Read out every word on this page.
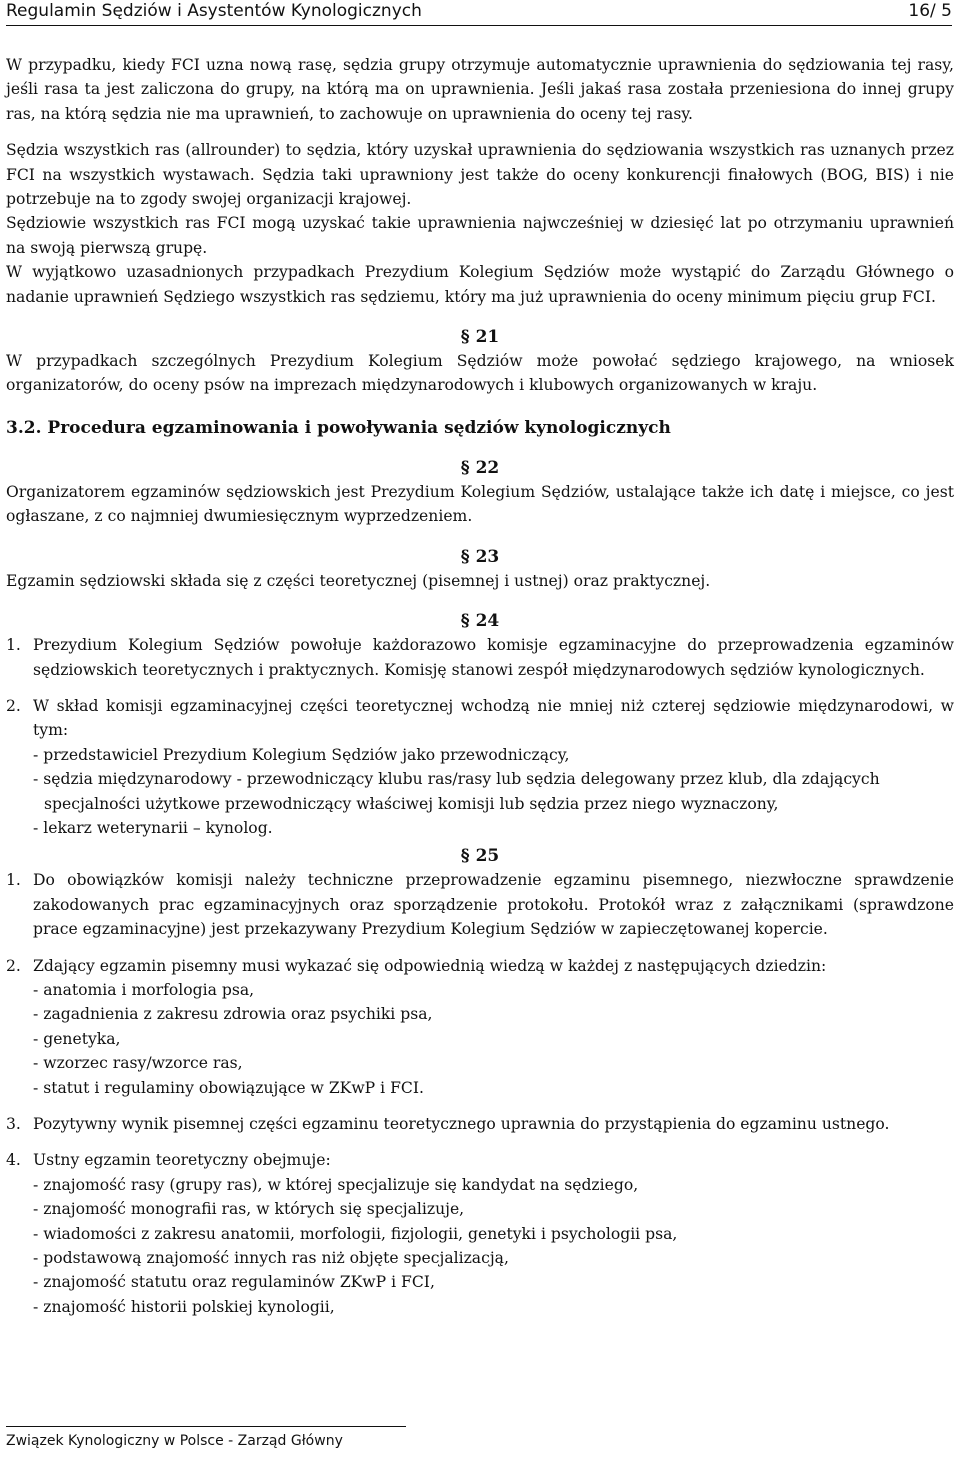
Regulamin Sędziów i Asystentów Kynologicznych	16/ 5

W przypadku, kiedy FCI uzna nową rasę, sędzia grupy otrzymuje automatycznie uprawnienia do sędziowania tej rasy, jeśli rasa ta jest zaliczona do grupy, na którą ma on uprawnienia. Jeśli jakaś rasa została przeniesiona do innej grupy ras, na którą sędzia nie ma uprawnień, to zachowuje on uprawnienia do oceny tej rasy.

Sędzia wszystkich ras (allrounder) to sędzia, który uzyskał uprawnienia do sędziowania wszystkich ras uznanych przez FCI na wszystkich wystawach. Sędzia taki uprawniony jest także do oceny konkurencji finałowych (BOG, BIS) i nie potrzebuje na to zgody swojej organizacji krajowej.

Sędziowie wszystkich ras FCI mogą uzyskać takie uprawnienia najwcześniej w dziesięć lat po otrzymaniu uprawnień na swoją pierwszą grupę.

W wyjątkowo uzasadnionych przypadkach Prezydium Kolegium Sędziów może wystąpić do Zarządu Głównego o nadanie uprawnień Sędziego wszystkich ras sędziemu, który ma już uprawnienia do oceny minimum pięciu grup FCI.

§ 21

W przypadkach szczególnych Prezydium Kolegium Sędziów może powołać sędziego krajowego, na wniosek organizatorów, do oceny psów na imprezach międzynarodowych i klubowych organizowanych w kraju.

3.2. Procedura egzaminowania i powoływania sędziów kynologicznych
§ 22

Organizatorem egzaminów sędziowskich jest Prezydium Kolegium Sędziów, ustalające także ich datę i miejsce, co jest ogłaszane, z co najmniej dwumiesięcznym wyprzedzeniem.

§ 23

Egzamin sędziowski składa się z części teoretycznej (pisemnej i ustnej) oraz praktycznej.

§ 24
1. Prezydium Kolegium Sędziów powołuje każdorazowo komisje egzaminacyjne do przeprowadzenia egzaminów sędziowskich teoretycznych i praktycznych. Komisję stanowi zespół międzynarodowych sędziów kynologicznych.
2. W skład komisji egzaminacyjnej części teoretycznej wchodzą nie mniej niż czterej sędziowie międzynarodowi, w tym:
- przedstawiciel Prezydium Kolegium Sędziów jako przewodniczący,
- sędzia międzynarodowy - przewodniczący klubu ras/rasy lub sędzia delegowany przez klub, dla zdających specjalności użytkowe przewodniczący właściwej komisji lub sędzia przez niego wyznaczony,
- lekarz weterynarii – kynolog.
§ 25
1. Do obowiązków komisji należy techniczne przeprowadzenie egzaminu pisemnego, niezwłoczne sprawdzenie zakodowanych prac egzaminacyjnych oraz sporządzenie protokołu. Protokół wraz z załącznikami (sprawdzone prace egzaminacyjne) jest przekazywany Prezydium Kolegium Sędziów w zapieczętowanej kopercie.
2. Zdający egzamin pisemny musi wykazać się odpowiednią wiedzą w każdej z następujących dziedzin:
- anatomia i morfologia psa,
- zagadnienia z zakresu zdrowia oraz psychiki psa,
- genetyka,
- wzorzec rasy/wzorce ras,
- statut i regulaminy obowiązujące w ZKwP i FCI.
3. Pozytywny wynik pisemnej części egzaminu teoretycznego uprawnia do przystąpienia do egzaminu ustnego.
4. Ustny egzamin teoretyczny obejmuje:
- znajomość rasy (grupy ras), w której specjalizuje się kandydat na sędziego,
- znajomość monografii ras, w których się specjalizuje,
- wiadomości z zakresu anatomii, morfologii, fizjologii, genetyki i psychologii psa,
- podstawową znajomość innych ras niż objęte specjalizacją,
- znajomość statutu oraz regulaminów ZKwP i FCI,
- znajomość historii polskiej kynologii,
Związek Kynologiczny w Polsce - Zarząd Główny
